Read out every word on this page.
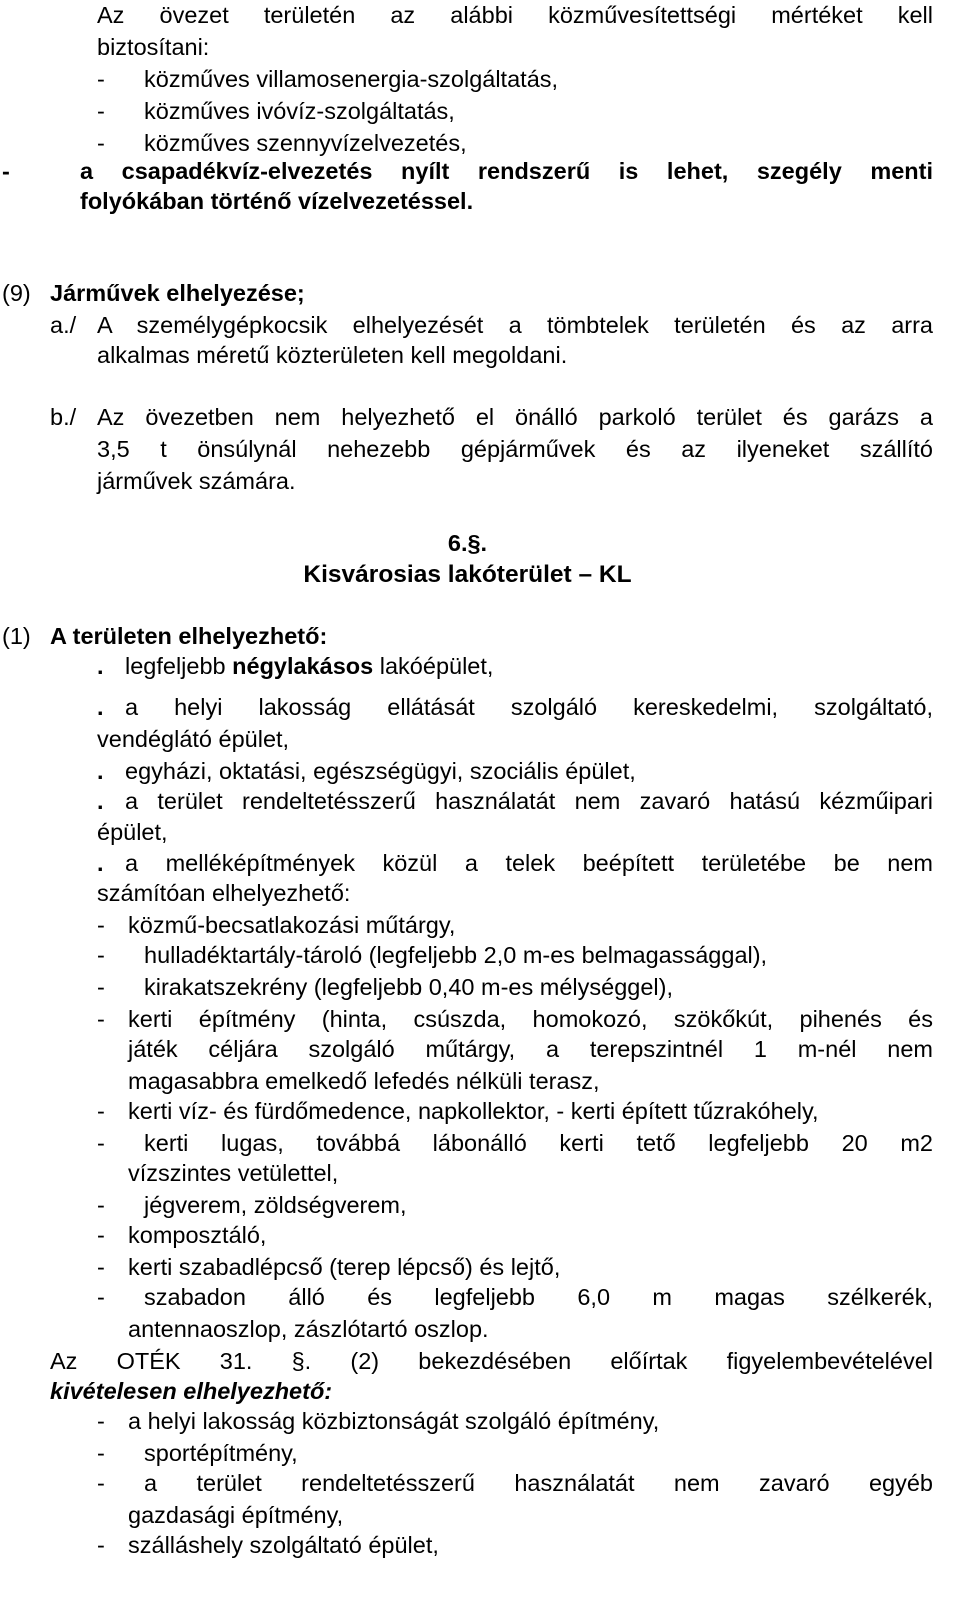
Az övezet területén az alábbi közművesítettségi mértéket kell
biztosítani:
- közműves villamosenergia-szolgáltatás,
- közműves ivóvíz-szolgáltatás,
- közműves szennyvízelvezetés,
-	a csapadékvíz-elvezetés nyílt rendszerű is lehet, szegély menti
folyókában történő vízelvezetéssel.
(9) Járművek elhelyezése;
a./ A személygépkocsik elhelyezését a tömbtelek területén és az arra
alkalmas méretű közterületen kell megoldani.
b./ Az övezetben nem helyezhető el önálló parkoló terület és garázs a
3,5 t önsúlynál nehezebb gépjárművek és az ilyeneket szállító
járművek számára.
6.§.
Kisvárosias lakóterület – KL
(1) A területen elhelyezhető:
. legfeljebb négylakásos lakóépület,
. a helyi lakosság ellátását szolgáló kereskedelmi, szolgáltató,
vendéglátó épület,
. egyházi, oktatási, egészségügyi, szociális épület,
. a terület rendeltetésszerű használatát nem zavaró hatású kézműipari
épület,
. a melléképítmények közül a telek beépített területébe be nem
számítóan elhelyezhető:
- közmű-becsatlakozási műtárgy,
- hulladéktartály-tároló (legfeljebb 2,0 m-es belmagassággal),
- kirakatszekrény (legfeljebb 0,40 m-es mélységgel),
- kerti építmény (hinta, csúszda, homokozó, szökőkút, pihenés és
játék céljára szolgáló műtárgy, a terepszintnél 1 m-nél nem
magasabbra emelkedő lefedés nélküli terasz,
- kerti víz- és fürdőmedence, napkollektor, - kerti épített tűzrakóhely,
- kerti lugas, továbbá lábonálló kerti tető legfeljebb 20 m2
vízszintes vetülettel,
- jégverem, zöldségverem,
- komposztáló,
- kerti szabadlépcső (terep lépcső) és lejtő,
- szabadon álló és legfeljebb 6,0 m magas szélkerék,
antennaoszlop, zászlótartó oszlop.
Az OTÉK 31. §. (2) bekezdésében előírtak figyelembevételével
kivételesen elhelyezhető:
- a helyi lakosság közbiztonságát szolgáló építmény,
- sportépítmény,
- a terület rendeltetésszerű használatát nem zavaró egyéb
gazdasági építmény,
- szálláshely szolgáltató épület,
